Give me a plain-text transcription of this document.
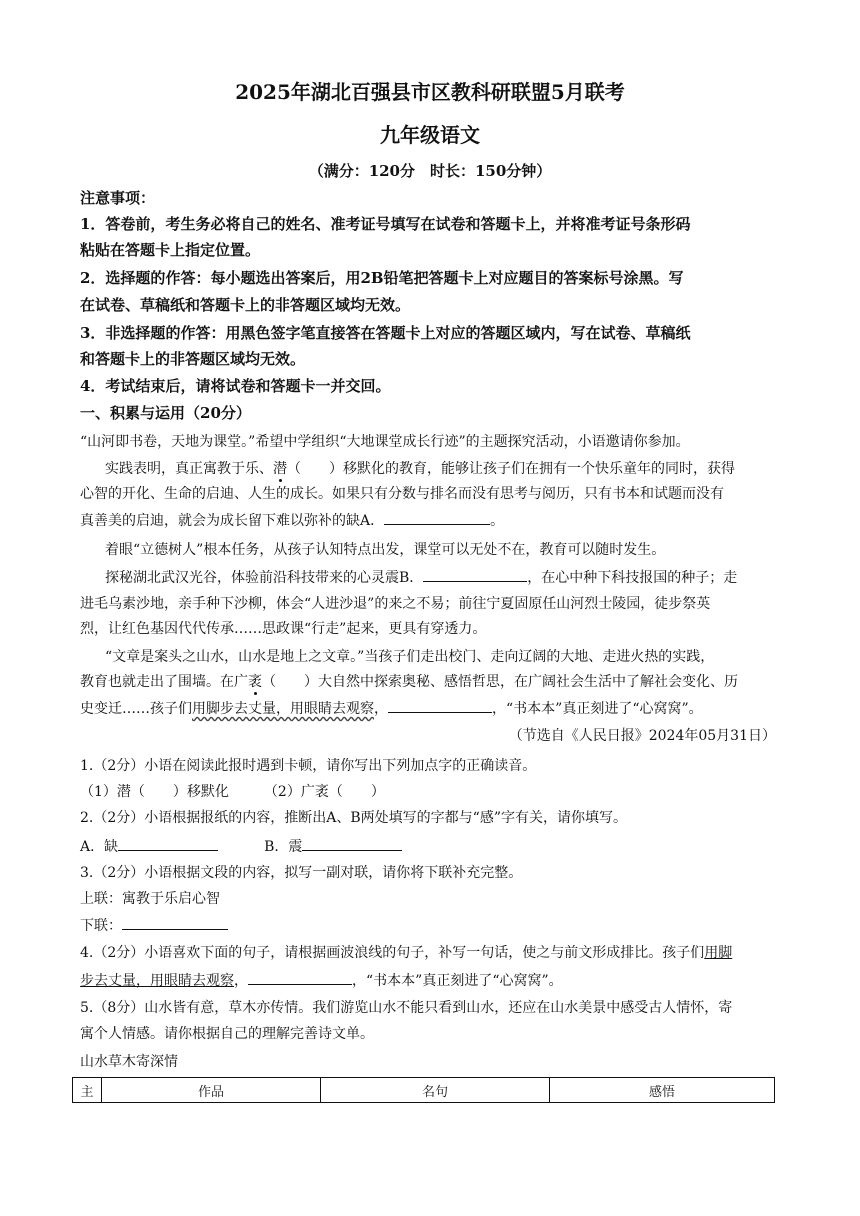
2025年湖北百强县市区教科研联盟5月联考
九年级语文
（满分：120分　时长：150分钟）
注意事项：
1．答卷前，考生务必将自己的姓名、准考证号填写在试卷和答题卡上，并将准考证号条形码
粘贴在答题卡上指定位置。
2．选择题的作答：每小题选出答案后，用2B铅笔把答题卡上对应题目的答案标号涂黑。写
在试卷、草稿纸和答题卡上的非答题区域均无效。
3．非选择题的作答：用黑色签字笔直接答在答题卡上对应的答题区域内，写在试卷、草稿纸
和答题卡上的非答题区域均无效。
4．考试结束后，请将试卷和答题卡一并交回。
一、积累与运用（20分）
“山河即书卷，天地为课堂。”希望中学组织“大地课堂成长行迹”的主题探究活动，小语邀请你参加。
实践表明，真正寓教于乐、潜（　　）移默化的教育，能够让孩子们在拥有一个快乐童年的同时，获得
心智的开化、生命的启迪、人生的成长。如果只有分数与排名而没有思考与阅历，只有书本和试题而没有
真善美的启迪，就会为成长留下难以弥补的缺A．	。
着眼“立德树人”根本任务，从孩子认知特点出发，课堂可以无处不在，教育可以随时发生。
探秘湖北武汉光谷，体验前沿科技带来的心灵震B．	，在心中种下科技报国的种子；走
进毛乌素沙地，亲手种下沙柳，体会“人进沙退”的来之不易；前往宁夏固原任山河烈士陵园，徒步祭英
烈，让红色基因代代传承……思政课“行走”起来，更具有穿透力。
“文章是案头之山水，山水是地上之文章。”当孩子们走出校门、走向辽阔的大地、走进火热的实践，
教育也就走出了围墙。在广袤（　　）大自然中探索奥秘、感悟哲思，在广阔社会生活中了解社会变化、历
史变迁……孩子们用脚步去丈量，用眼睛去观察，	，“书本本”真正刻进了“心窝窝”。
（节选自《人民日报》2024年05月31日）
1.（2分）小语在阅读此报时遇到卡顿，请你写出下列加点字的正确读音。
（1）潜（　　）移默化　　　（2）广袤（　　）
2.（2分）小语根据报纸的内容，推断出A、B两处填写的字都与“感”字有关，请你填写。
A．缺	B．震
3.（2分）小语根据文段的内容，拟写一副对联，请你将下联补充完整。
上联：寓教于乐启心智
下联：
4.（2分）小语喜欢下面的句子，请根据画波浪线的句子，补写一句话，使之与前文形成排比。孩子们用脚
步去丈量，用眼睛去观察，	，“书本本”真正刻进了“心窝窝”。
5.（8分）山水皆有意，草木亦传情。我们游览山水不能只看到山水，还应在山水美景中感受古人情怀，寄
寓个人情感。请你根据自己的理解完善诗文单。
山水草木寄深情
主	作品	名句	感悟
